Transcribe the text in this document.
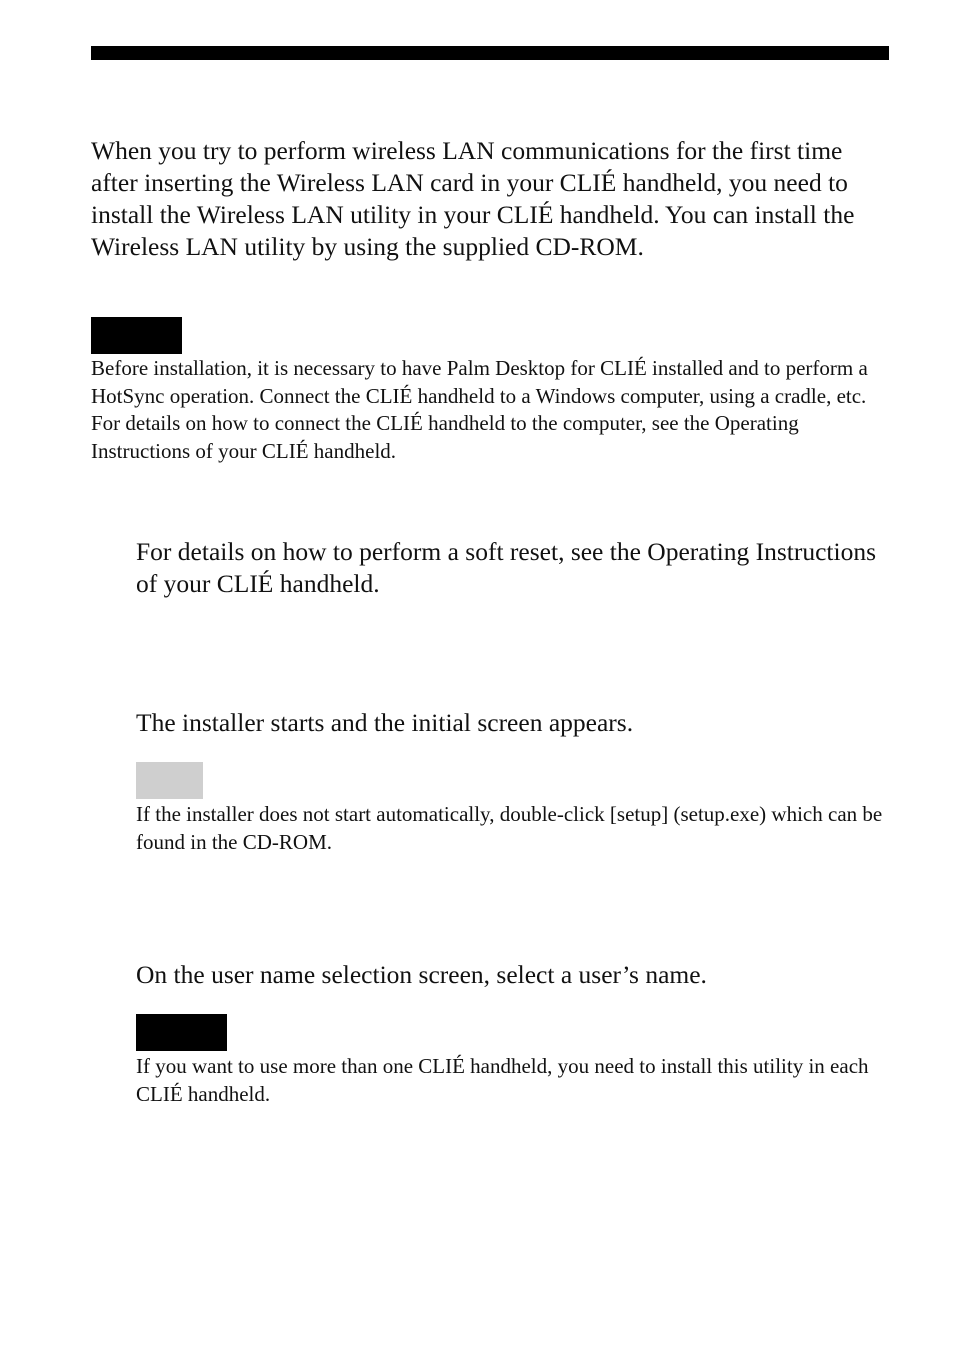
When you try to perform wireless LAN communications for the first time after inserting the Wireless LAN card in your CLIÉ handheld, you need to install the Wireless LAN utility in your CLIÉ handheld. You can install the Wireless LAN utility by using the supplied CD-ROM.

Before installation, it is necessary to have Palm Desktop for CLIÉ installed and to perform a HotSync operation. Connect the CLIÉ handheld to a Windows computer, using a cradle, etc. For details on how to connect the CLIÉ handheld to the computer, see the Operating Instructions of your CLIÉ handheld.

For details on how to perform a soft reset, see the Operating Instructions of your CLIÉ handheld.

The installer starts and the initial screen appears.

If the installer does not start automatically, double-click [setup] (setup.exe) which can be found in the CD-ROM.

On the user name selection screen, select a user’s name.

If you want to use more than one CLIÉ handheld, you need to install this utility in each CLIÉ handheld.
